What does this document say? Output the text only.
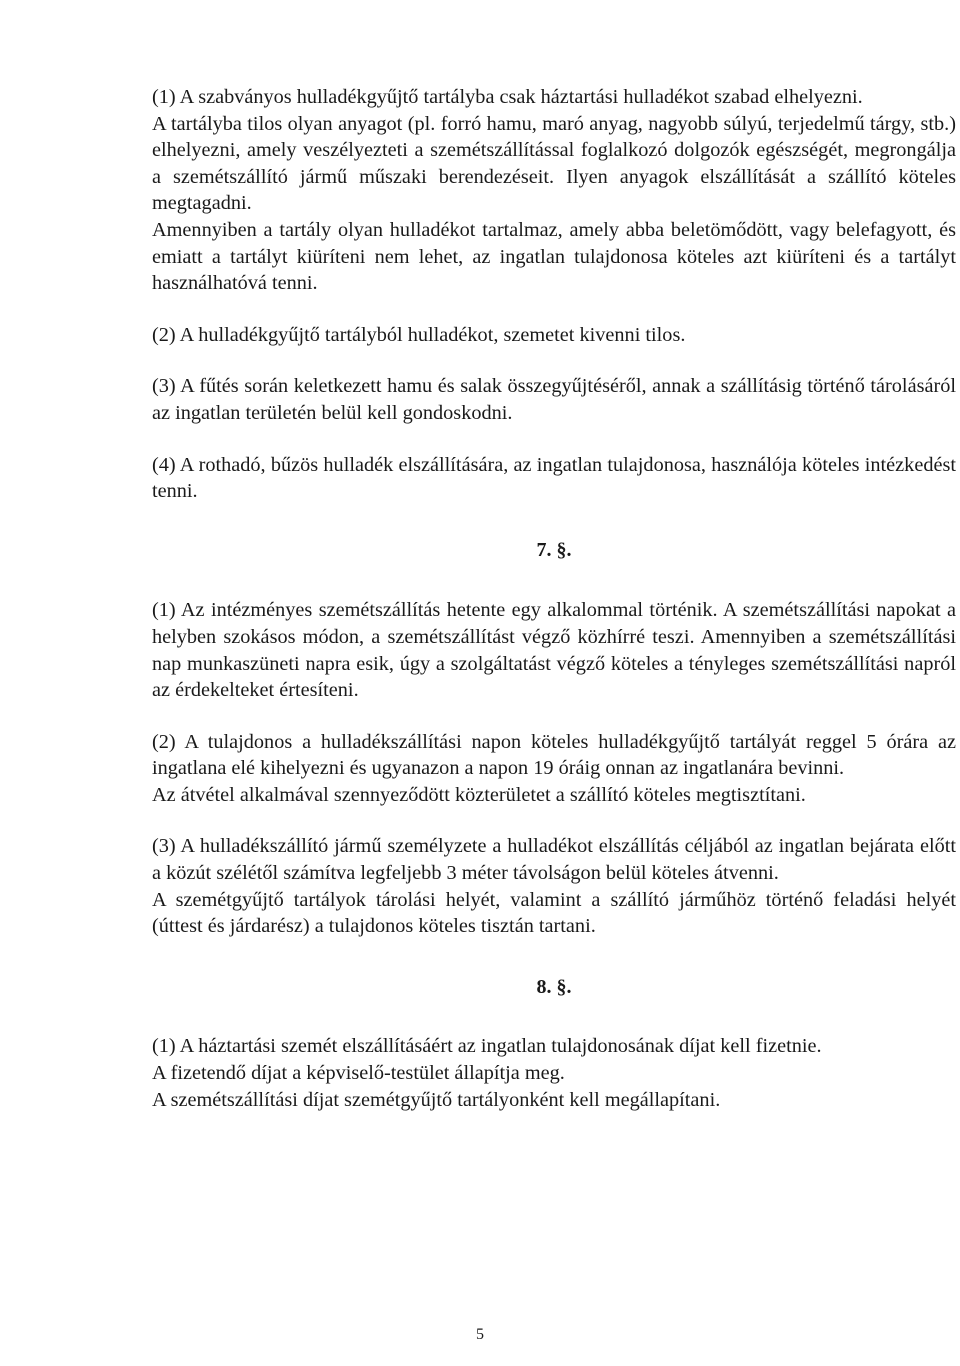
(1) A szabványos hulladékgyűjtő tartályba csak háztartási hulladékot szabad elhelyezni.
A tartályba tilos olyan anyagot (pl. forró hamu, maró anyag, nagyobb súlyú, terjedelmű tárgy, stb.) elhelyezni, amely veszélyezteti a szemétszállítással foglalkozó dolgozók egészségét, megrongálja a szemétszállító jármű műszaki berendezéseit. Ilyen anyagok elszállítását a szállító köteles megtagadni.
Amennyiben a tartály olyan hulladékot tartalmaz, amely abba beletömődött, vagy belefagyott, és emiatt a tartályt kiüríteni nem lehet, az ingatlan tulajdonosa köteles azt kiüríteni és a tartályt használhatóvá tenni.
(2) A hulladékgyűjtő tartályból hulladékot, szemetet kivenni tilos.
(3) A fűtés során keletkezett hamu és salak összegyűjtéséről, annak a szállításig történő tárolásáról az ingatlan területén belül kell gondoskodni.
(4) A rothadó, bűzös hulladék elszállítására, az ingatlan tulajdonosa, használója köteles intézkedést tenni.
7. §.
(1) Az intézményes szemétszállítás hetente egy alkalommal történik. A szemétszállítási napokat a helyben szokásos módon, a szemétszállítást végző közhírré teszi. Amennyiben a szemétszállítási nap munkaszüneti napra esik, úgy a szolgáltatást végző köteles a tényleges szemétszállítási napról az érdekelteket értesíteni.
(2) A tulajdonos a hulladékszállítási napon köteles hulladékgyűjtő tartályát reggel 5 órára az ingatlana elé kihelyezni és ugyanazon a napon 19 óráig onnan az ingatlanára bevinni.
Az átvétel alkalmával szennyeződött közterületet a szállító köteles megtisztítani.
(3) A hulladékszállító jármű személyzete a hulladékot elszállítás céljából az ingatlan bejárata előtt a közút szélétől számítva legfeljebb 3 méter távolságon belül köteles átvenni.
A szemétgyűjtő tartályok tárolási helyét, valamint a szállító járműhöz történő feladási helyét (úttest és járdarész) a tulajdonos köteles tisztán tartani.
8. §.
(1) A háztartási szemét elszállításáért az ingatlan tulajdonosának díjat kell fizetnie.
A fizetendő díjat a képviselő-testület állapítja meg.
A szemétszállítási díjat szemétgyűjtő tartályonként kell megállapítani.
5
